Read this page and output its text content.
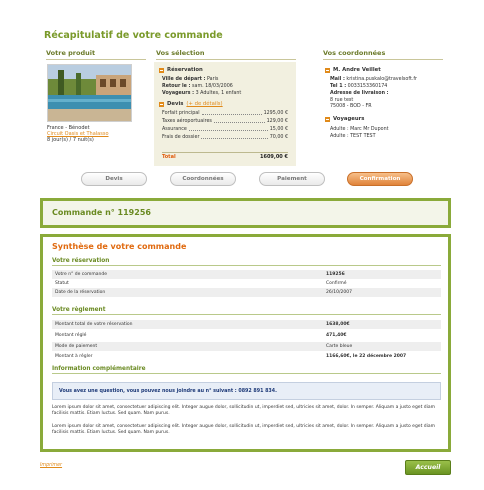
Récapitulatif de votre commande
Votre produit	Vos sélection	Vos coordonnées
France - Bénodet
Circuit Oasis et Thalasso
8 jour(s) / 7 nuit(s)
Réservation
Ville de départ : Paris
Retour le : sam. 18/03/2006
Voyageurs : 3 Adultes, 1 enfant
Devis (+ de détails)
Forfait principal	1295,00 €
Taxes aéroportuaires	129,00 €
Assurance	15,00 €
Frais de dossier	70,00 €
Total	1609,00 €
M. Andre Veillet
Mail : kristina.puskalo@travelsoft.fr
Tel 1 : 0033153360174
Adresse de livraison :
8 rue test
75008 - BOD - FR
Voyageurs
Adulte : Marc Mr Dupont
Adulte : TEST TEST
Devis	Coordonnées	Paiement	Confirmation
Commande n° 119256
Synthèse de votre commande
Votre réservation
Votre n° de commande	119256
Statut	Confirmé
Date de la réservation	26/10/2007
Votre règlement
Montant total de votre réservation	1638,00€
Montant réglé	471,40€
Mode de paiement	Carte bleue
Montant à régler	1166,60€, le 22 décembre 2007
Information complémentaire
Vous avez une question, vous pouvez nous joindre au n° suivant : 0892 891 834.
Lorem ipsum dolor sit amet, consectetuer adipiscing elit. Integer augue dolor, sollicitudin ut, imperdiet sed, ultricies sit amet, dolor. In semper. Aliquam a justo eget diam facilisis mattis. Etiam luctus. Sed quam. Nam purus.
Lorem ipsum dolor sit amet, consectetuer adipiscing elit. Integer augue dolor, sollicitudin ut, imperdiet sed, ultricies sit amet, dolor. In semper. Aliquam a justo eget diam facilisis mattis. Etiam luctus. Sed quam. Nam purus.
Imprimer	Accueil
